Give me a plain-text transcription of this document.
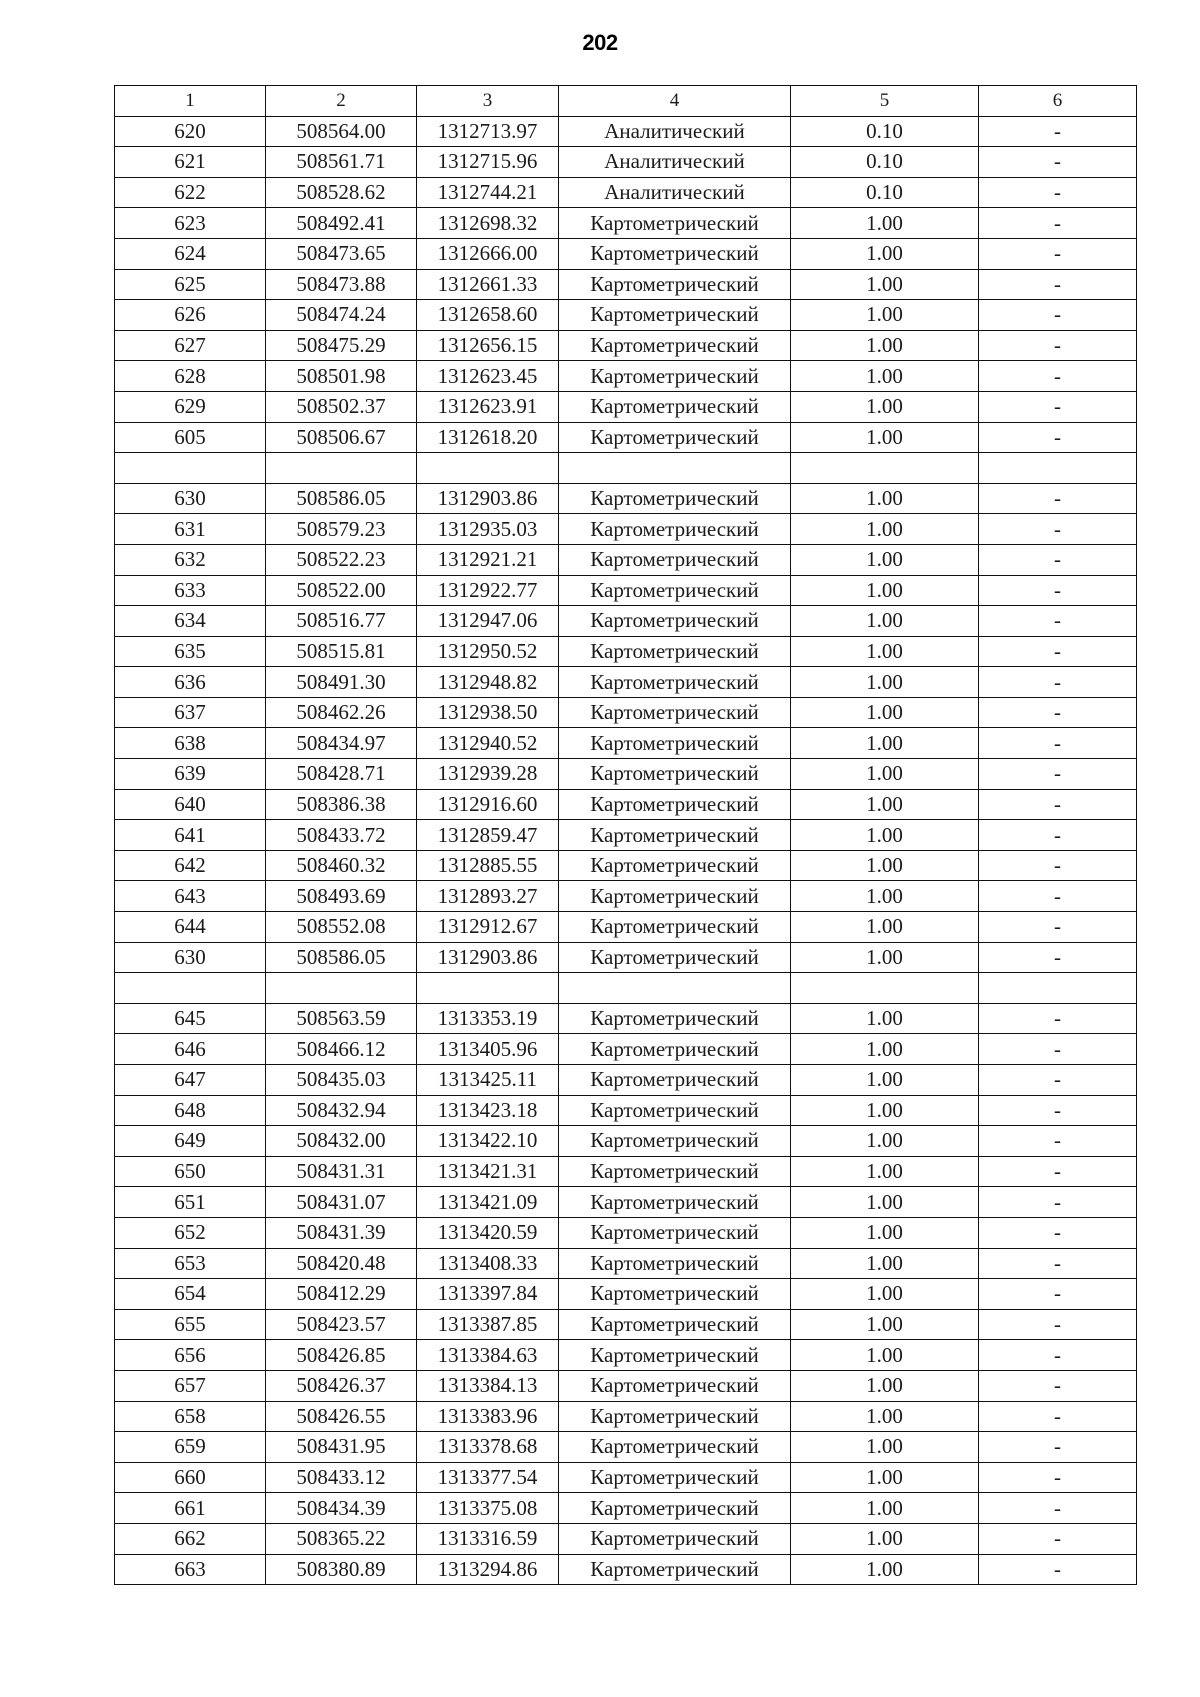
202
1	2	3	4	5	6
620	508564.00	1312713.97	Аналитический	0.10	-
621	508561.71	1312715.96	Аналитический	0.10	-
622	508528.62	1312744.21	Аналитический	0.10	-
623	508492.41	1312698.32	Картометрический	1.00	-
624	508473.65	1312666.00	Картометрический	1.00	-
625	508473.88	1312661.33	Картометрический	1.00	-
626	508474.24	1312658.60	Картометрический	1.00	-
627	508475.29	1312656.15	Картометрический	1.00	-
628	508501.98	1312623.45	Картометрический	1.00	-
629	508502.37	1312623.91	Картометрический	1.00	-
605	508506.67	1312618.20	Картометрический	1.00	-

630	508586.05	1312903.86	Картометрический	1.00	-
631	508579.23	1312935.03	Картометрический	1.00	-
632	508522.23	1312921.21	Картометрический	1.00	-
633	508522.00	1312922.77	Картометрический	1.00	-
634	508516.77	1312947.06	Картометрический	1.00	-
635	508515.81	1312950.52	Картометрический	1.00	-
636	508491.30	1312948.82	Картометрический	1.00	-
637	508462.26	1312938.50	Картометрический	1.00	-
638	508434.97	1312940.52	Картометрический	1.00	-
639	508428.71	1312939.28	Картометрический	1.00	-
640	508386.38	1312916.60	Картометрический	1.00	-
641	508433.72	1312859.47	Картометрический	1.00	-
642	508460.32	1312885.55	Картометрический	1.00	-
643	508493.69	1312893.27	Картометрический	1.00	-
644	508552.08	1312912.67	Картометрический	1.00	-
630	508586.05	1312903.86	Картометрический	1.00	-

645	508563.59	1313353.19	Картометрический	1.00	-
646	508466.12	1313405.96	Картометрический	1.00	-
647	508435.03	1313425.11	Картометрический	1.00	-
648	508432.94	1313423.18	Картометрический	1.00	-
649	508432.00	1313422.10	Картометрический	1.00	-
650	508431.31	1313421.31	Картометрический	1.00	-
651	508431.07	1313421.09	Картометрический	1.00	-
652	508431.39	1313420.59	Картометрический	1.00	-
653	508420.48	1313408.33	Картометрический	1.00	-
654	508412.29	1313397.84	Картометрический	1.00	-
655	508423.57	1313387.85	Картометрический	1.00	-
656	508426.85	1313384.63	Картометрический	1.00	-
657	508426.37	1313384.13	Картометрический	1.00	-
658	508426.55	1313383.96	Картометрический	1.00	-
659	508431.95	1313378.68	Картометрический	1.00	-
660	508433.12	1313377.54	Картометрический	1.00	-
661	508434.39	1313375.08	Картометрический	1.00	-
662	508365.22	1313316.59	Картометрический	1.00	-
663	508380.89	1313294.86	Картометрический	1.00	-
